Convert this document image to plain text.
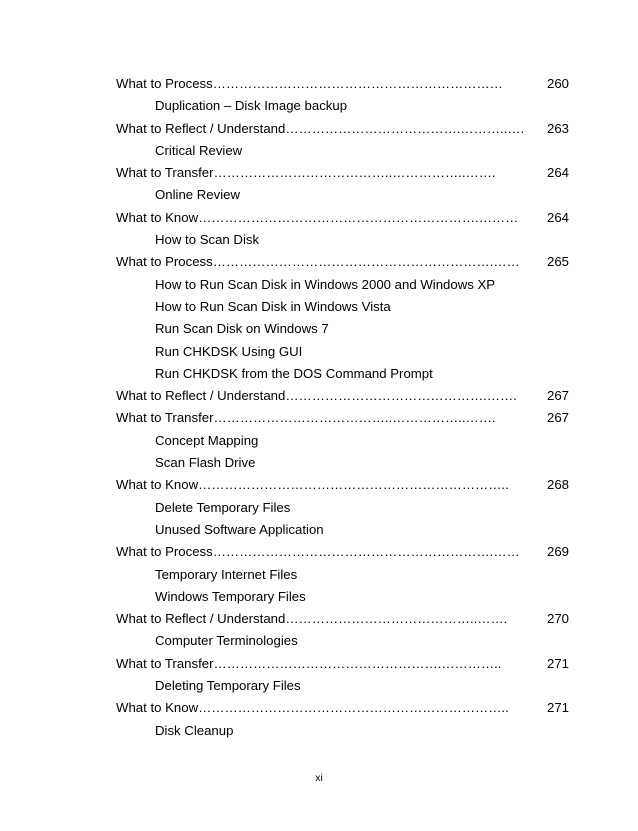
What to Process…………………………………………………………	260
Duplication – Disk Image backup
What to Reflect / Understand………………………………….………..…. 263
Critical Review
What to Transfer…………………………………..……………..…….	264
Online Review
What to Know……………………………………………………….……… 264
How to Scan Disk
What to Process……………………………………………………….…… 265
How to Run Scan Disk in Windows 2000 and Windows XP
How to Run Scan Disk in Windows Vista
Run Scan Disk on Windows 7
Run CHKDSK Using GUI
Run CHKDSK from the DOS Command Prompt
What to Reflect / Understand……………………………………….……. 267
What to Transfer…………………………………..……………..…….	267
Concept Mapping
Scan Flash Drive
What to Know……………………………………………………………..	268
Delete Temporary Files
Unused Software Application
What to Process……………………………………………………….…… 269
Temporary Internet Files
Windows Temporary Files
What to Reflect / Understand……………………………………..…….	270
Computer Terminologies
What to Transfer…………………………………………….…………..	271
Deleting Temporary Files
What to Know……………………………………………………………..	271
Disk Cleanup
xi
